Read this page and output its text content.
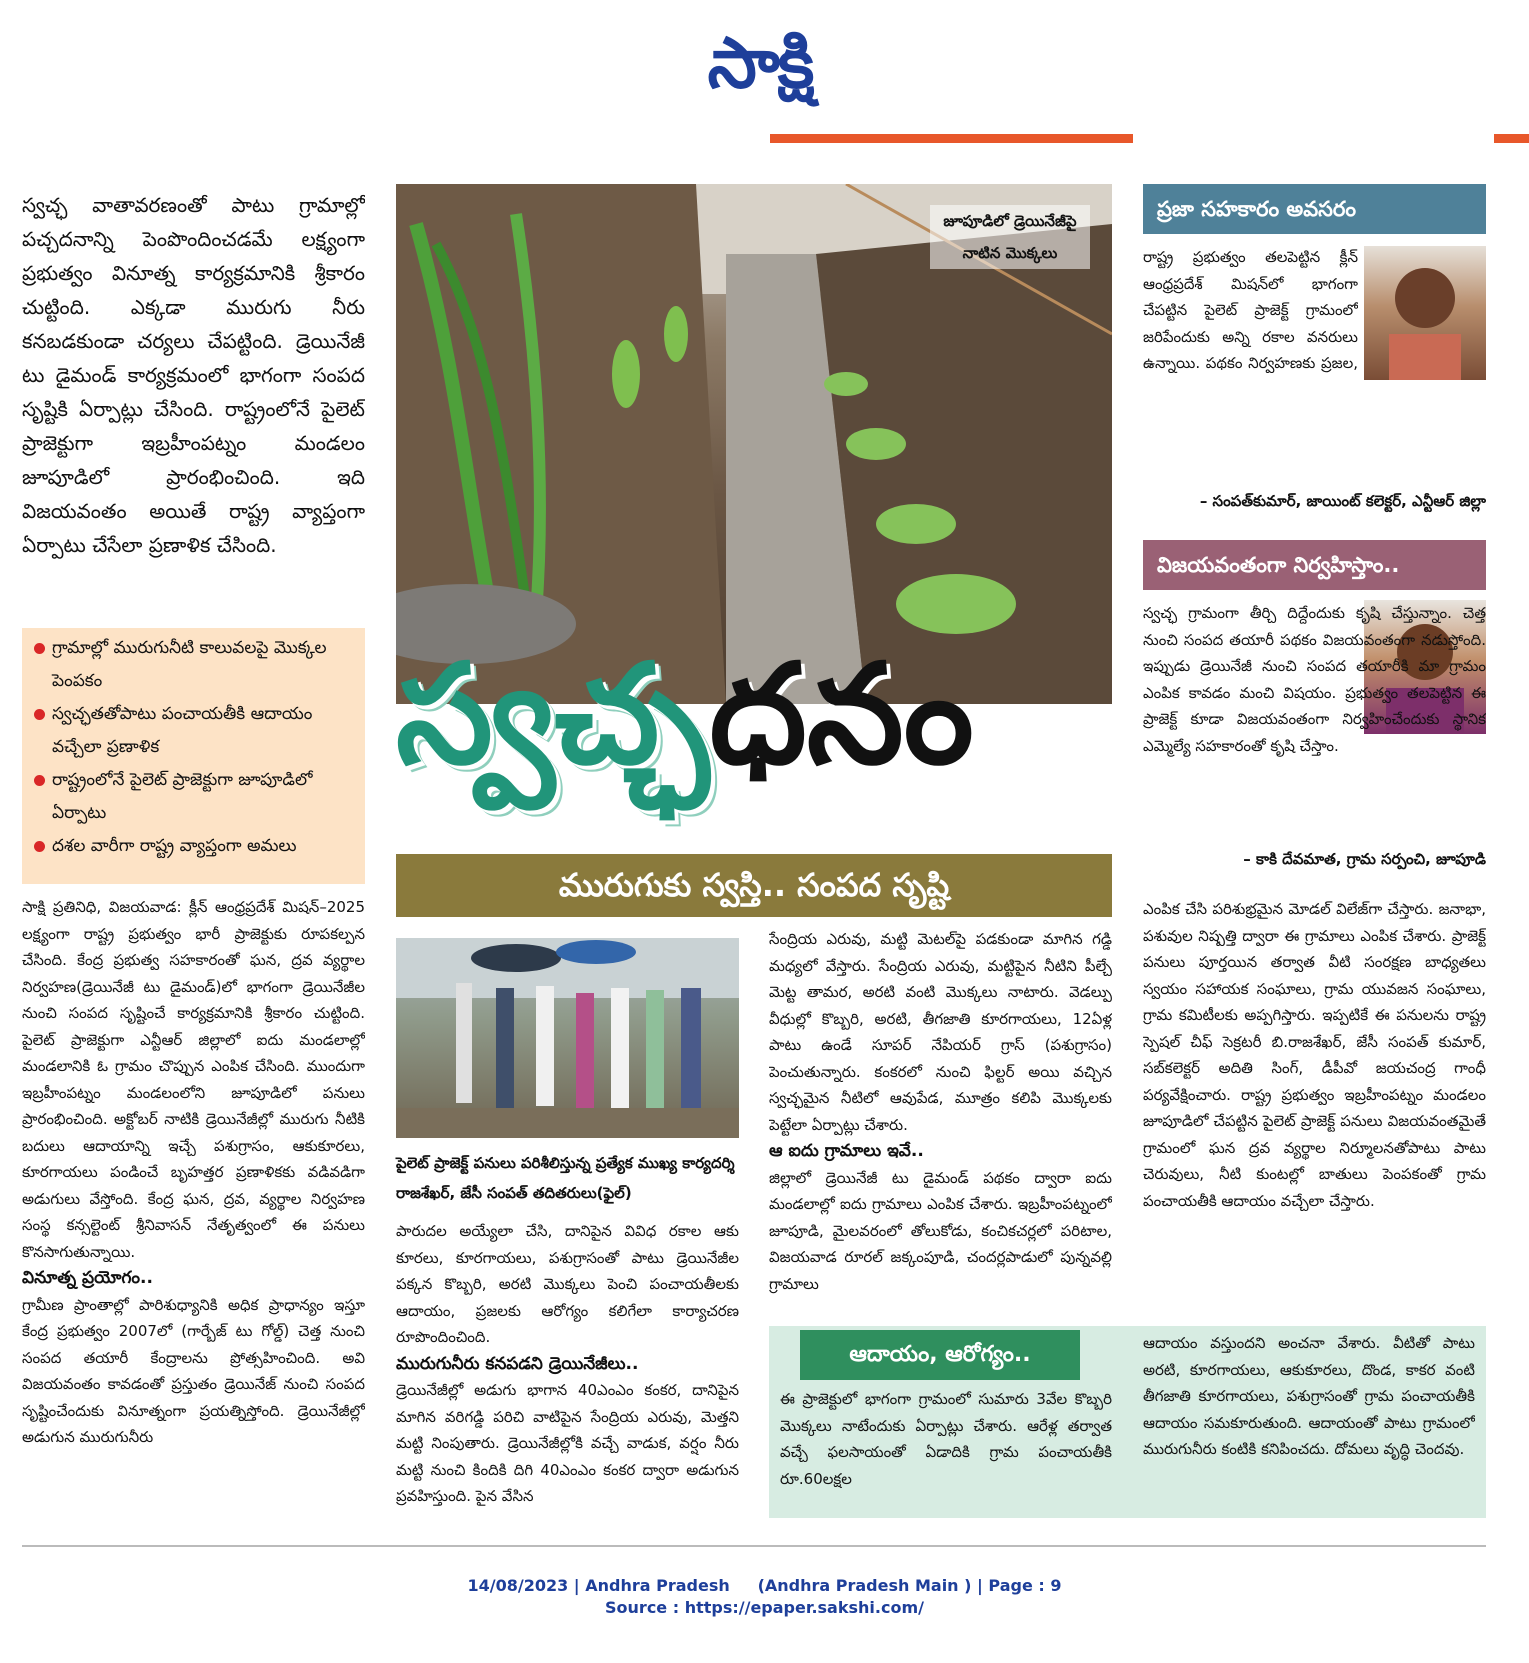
సాక్షి
స్వచ్ఛ వాతావరణంతో పాటు గ్రామాల్లో పచ్చదనాన్ని పెంపొందించడమే లక్ష్యంగా ప్రభుత్వం వినూత్న కార్యక్రమానికి శ్రీకారం చుట్టింది. ఎక్కడా మురుగు నీరు కనబడకుండా చర్యలు చేపట్టింది. డ్రెయినేజీ టు డైమండ్ కార్యక్రమంలో భాగంగా సంపద సృష్టికి ఏర్పాట్లు చేసింది. రాష్ట్రంలోనే పైలెట్ ప్రాజెక్టుగా ఇబ్రహీంపట్నం మండలం జూపూడిలో ప్రారంభించింది. ఇది విజయవంతం అయితే రాష్ట్ర వ్యాప్తంగా ఏర్పాటు చేసేలా ప్రణాళిక చేసింది.
గ్రామాల్లో మురుగునీటి కాలువలపై మొక్కల పెంపకం
స్వచ్ఛతతోపాటు పంచాయతీకి ఆదాయం వచ్చేలా ప్రణాళిక
రాష్ట్రంలోనే పైలెట్ ప్రాజెక్టుగా జూపూడిలో ఏర్పాటు
దశల వారీగా రాష్ట్ర వ్యాప్తంగా అమలు
జూపూడిలో డ్రెయినేజీపై
నాటిన మొక్కలు
స్వచ్ఛధనం
మురుగుకు స్వస్తి.. సంపద సృష్టి
పైలెట్ ప్రాజెక్ట్ పనులు పరిశీలిస్తున్న ప్రత్యేక ముఖ్య కార్యదర్శి రాజశేఖర్, జేసీ సంపత్ తదితరులు(ఫైల్)
సాక్షి ప్రతినిధి, విజయవాడ: క్లీన్ ఆంధ్రప్రదేశ్ మిషన్–2025 లక్ష్యంగా రాష్ట్ర ప్రభుత్వం భారీ ప్రాజెక్టుకు రూపకల్పన చేసింది. కేంద్ర ప్రభుత్వ సహకారంతో ఘన, ద్రవ వ్యర్థాల నిర్వహణ(డ్రెయినేజీ టు డైమండ్)లో భాగంగా డ్రెయినేజీల నుంచి సంపద సృష్టించే కార్యక్రమానికి శ్రీకారం చుట్టింది. పైలెట్ ప్రాజెక్టుగా ఎన్టీఆర్ జిల్లాలో ఐదు మండలాల్లో మండలానికి ఓ గ్రామం చొప్పున ఎంపిక చేసింది. ముందుగా ఇబ్రహీంపట్నం మండలంలోని జూపూడిలో పనులు ప్రారంభించింది. అక్టోబర్ నాటికి డ్రెయినేజీల్లో మురుగు నీటికి బదులు ఆదాయాన్ని ఇచ్చే పశుగ్రాసం, ఆకుకూరలు, కూరగాయలు పండించే బృహత్తర ప్రణాళికకు వడివడిగా అడుగులు వేస్తోంది. కేంద్ర ఘన, ద్రవ, వ్యర్థాల నిర్వహణ సంస్థ కన్సల్టెంట్ శ్రీనివాసన్ నేతృత్వంలో ఈ పనులు కొనసాగుతున్నాయి.
వినూత్న ప్రయోగం..
గ్రామీణ ప్రాంతాల్లో పారిశుధ్యానికి అధిక ప్రాధాన్యం ఇస్తూ కేంద్ర ప్రభుత్వం 2007లో (గార్బేజ్ టు గోల్డ్) చెత్త నుంచి సంపద తయారీ కేంద్రాలను ప్రోత్సహించింది. అవి విజయవంతం కావడంతో ప్రస్తుతం డ్రెయినేజ్ నుంచి సంపద సృష్టించేందుకు వినూత్నంగా ప్రయత్నిస్తోంది. డ్రెయినేజీల్లో అడుగున మురుగునీరు
పారుదల అయ్యేలా చేసి, దానిపైన వివిధ రకాల ఆకు కూరలు, కూరగాయలు, పశుగ్రాసంతో పాటు డ్రెయినేజీల పక్కన కొబ్బరి, అరటి మొక్కలు పెంచి పంచాయతీలకు ఆదాయం, ప్రజలకు ఆరోగ్యం కలిగేలా కార్యాచరణ రూపొందించింది.
మురుగునీరు కనపడని డ్రెయినేజీలు..
డ్రెయినేజీల్లో అడుగు భాగాన 40ఎంఎం కంకర, దానిపైన మాగిన వరిగడ్డి పరిచి వాటిపైన సేంద్రియ ఎరువు, మెత్తని మట్టి నింపుతారు. డ్రెయినేజీల్లోకి వచ్చే వాడుక, వర్షం నీరు మట్టి నుంచి కిందికి దిగి 40ఎంఎం కంకర ద్వారా అడుగున ప్రవహిస్తుంది. పైన వేసిన
సేంద్రియ ఎరువు, మట్టి మెటల్‌పై పడకుండా మాగిన గడ్డి మధ్యలో వేస్తారు. సేంద్రియ ఎరువు, మట్టిపైన నీటిని పీల్చే మెట్ట తామర, అరటి వంటి మొక్కలు నాటారు. వెడల్పు వీధుల్లో కొబ్బరి, అరటి, తీగజాతి కూరగాయలు, 12ఏళ్ల పాటు ఉండే సూపర్ నేపియర్ గ్రాస్ (పశుగ్రాసం) పెంచుతున్నారు. కంకరలో నుంచి ఫిల్టర్ అయి వచ్చిన స్వచ్ఛమైన నీటిలో ఆవుపేడ, మూత్రం కలిపి మొక్కలకు పెట్టేలా ఏర్పాట్లు చేశారు.
ఆ ఐదు గ్రామాలు ఇవే..
జిల్లాలో డ్రెయినేజీ టు డైమండ్ పథకం ద్వారా ఐదు మండలాల్లో ఐదు గ్రామాలు ఎంపిక చేశారు. ఇబ్రహీంపట్నంలో జూపూడి, మైలవరంలో తోలుకోడు, కంచికచర్లలో పరిటాల, విజయవాడ రూరల్ జక్కంపూడి, చందర్లపాడులో పున్నవల్లి గ్రామాలు
ఎంపిక చేసి పరిశుభ్రమైన మోడల్ విలేజ్‌గా చేస్తారు. జనాభా, పశువుల నిష్పత్తి ద్వారా ఈ గ్రామాలు ఎంపిక చేశారు. ప్రాజెక్ట్ పనులు పూర్తయిన తర్వాత వీటి సంరక్షణ బాధ్యతలు స్వయం సహాయక సంఘాలు, గ్రామ యువజన సంఘాలు, గ్రామ కమిటీలకు అప్పగిస్తారు. ఇప్పటికే ఈ పనులను రాష్ట్ర స్పెషల్ చీఫ్ సెక్రటరీ బి.రాజశేఖర్, జేసీ సంపత్ కుమార్, సబ్‌కలెక్టర్ అదితి సింగ్, డీపీవో జయచంద్ర గాంధీ పర్యవేక్షించారు. రాష్ట్ర ప్రభుత్వం ఇబ్రహీంపట్నం మండలం జూపూడిలో చేపట్టిన పైలెట్ ప్రాజెక్ట్ పనులు విజయవంతమైతే గ్రామంలో ఘన ద్రవ వ్యర్థాల నిర్మూలనతోపాటు పాటు చెరువులు, నీటి కుంటల్లో బాతులు పెంపకంతో గ్రామ పంచాయతీకి ఆదాయం వచ్చేలా చేస్తారు.
ప్రజా సహకారం అవసరం
రాష్ట్ర ప్రభుత్వం తలపెట్టిన క్లీన్ ఆంధ్రప్రదేశ్ మిషన్‌లో భాగంగా చేపట్టిన పైలెట్ ప్రాజెక్ట్ గ్రామంలో జరిపేందుకు అన్ని రకాల వనరులు ఉన్నాయి. పథకం నిర్వహణకు ప్రజల,
– సంపత్‌కుమార్, జాయింట్ కలెక్టర్, ఎన్టీఆర్ జిల్లా
విజయవంతంగా నిర్వహిస్తాం..
స్వచ్ఛ గ్రామంగా తీర్చి దిద్దేందుకు కృషి చేస్తున్నాం. చెత్త నుంచి సంపద తయారీ పథకం విజయవంతంగా నడుస్తోంది. ఇప్పుడు డ్రెయినేజీ నుంచి సంపద తయారీకి మా గ్రామం ఎంపిక కావడం మంచి విషయం. ప్రభుత్వం తలపెట్టిన ఈ ప్రాజెక్ట్ కూడా విజయవంతంగా నిర్వహించేందుకు స్థానిక ఎమ్మెల్యే సహకారంతో కృషి చేస్తాం.
– కాకి దేవమాత, గ్రామ సర్పంచి, జూపూడి
ఆదాయం, ఆరోగ్యం..
ఈ ప్రాజెక్టులో భాగంగా గ్రామంలో సుమారు 3వేల కొబ్బరి మొక్కలు నాటేందుకు ఏర్పాట్లు చేశారు. ఆరేళ్ల తర్వాత వచ్చే ఫలసాయంతో ఏడాదికి గ్రామ పంచాయతీకి రూ.60లక్షల
ఆదాయం వస్తుందని అంచనా వేశారు. వీటితో పాటు అరటి, కూరగాయలు, ఆకుకూరలు, దొండ, కాకర వంటి తీగజాతి కూరగాయలు, పశుగ్రాసంతో గ్రామ పంచాయతీకి ఆదాయం సమకూరుతుంది. ఆదాయంతో పాటు గ్రామంలో మురుగునీరు కంటికి కనిపించదు. దోమలు వృద్ధి చెందవు.
14/08/2023 | Andhra Pradesh     (Andhra Pradesh Main ) | Page : 9
Source : https://epaper.sakshi.com/
